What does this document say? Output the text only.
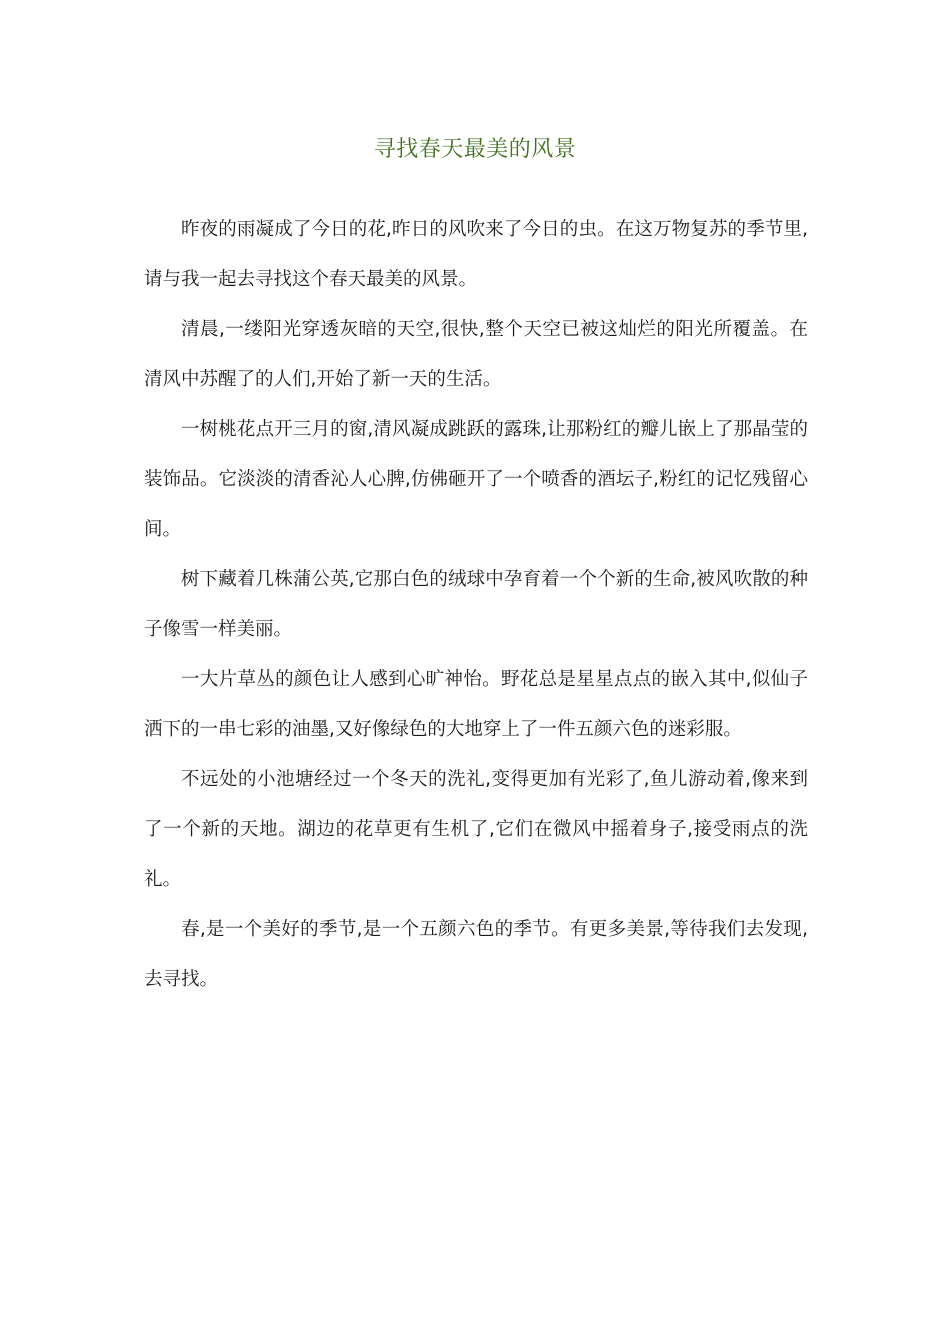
寻找春天最美的风景

昨夜的雨凝成了今日的花,昨日的风吹来了今日的虫。在这万物复苏的季节里,请与我一起去寻找这个春天最美的风景。

清晨,一缕阳光穿透灰暗的天空,很快,整个天空已被这灿烂的阳光所覆盖。在清风中苏醒了的人们,开始了新一天的生活。

一树桃花点开三月的窗,清风凝成跳跃的露珠,让那粉红的瓣儿嵌上了那晶莹的装饰品。它淡淡的清香沁人心脾,仿佛砸开了一个喷香的酒坛子,粉红的记忆残留心间。

树下藏着几株蒲公英,它那白色的绒球中孕育着一个个新的生命,被风吹散的种子像雪一样美丽。

一大片草丛的颜色让人感到心旷神怡。野花总是星星点点的嵌入其中,似仙子洒下的一串七彩的油墨,又好像绿色的大地穿上了一件五颜六色的迷彩服。

不远处的小池塘经过一个冬天的洗礼,变得更加有光彩了,鱼儿游动着,像来到了一个新的天地。湖边的花草更有生机了,它们在微风中摇着身子,接受雨点的洗礼。

春,是一个美好的季节,是一个五颜六色的季节。有更多美景,等待我们去发现,去寻找。
